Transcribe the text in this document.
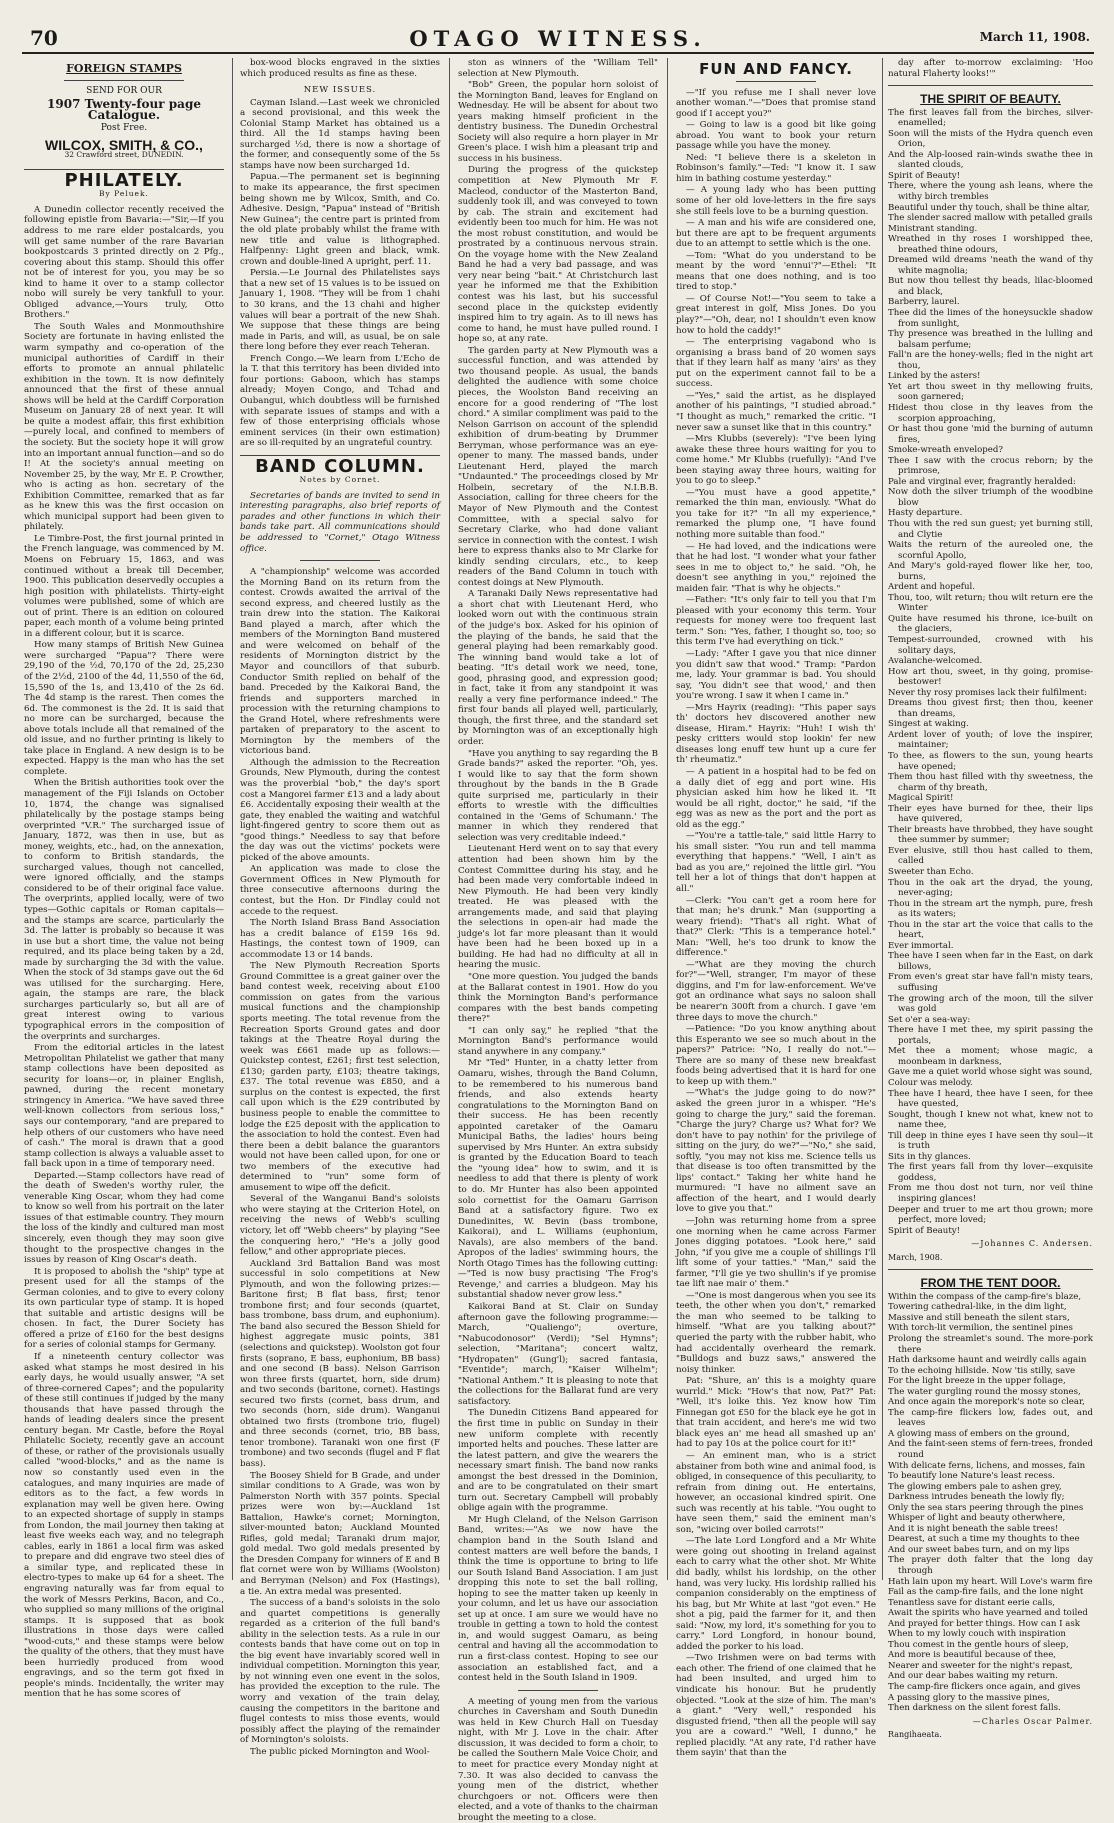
70	OTAGO WITNESS.	March 11, 1908.
FOREIGN STAMPS
SEND FOR OUR
1907 Twenty-four page Catalogue.
Post Free.
WILCOX, SMITH, & CO.,
32 Crawford street, DUNEDIN.
PHILATELY.
By Peluek.

A Dunedin collector recently received the following epistle from Bavaria:—"Sir,—If you address to me rare elder postalcards, you will get same number of the rare Bavarian bookpostcards 3 printed directly on 2 Pfg., covering about this stamp. Should this offer not be of interest for you, you may be so kind to hame it over to a stamp collector nobo will surely be very tankfull to your. Obliged advance,—Yours truly, Otto Brothers."

The South Wales and Monmouthshire Society are fortunate in having enlisted the warm sympathy and co-operation of the municipal authorities of Cardiff in their efforts to promote an annual philatelic exhibition in the town. It is now definitely announced that the first of these annual shows will be held at the Cardiff Corporation Museum on January 28 of next year. It will be quite a modest affair, this first exhibition—purely local, and confined to members of the society. But the society hope it will grow into an important annual function—and so do I! At the society's annual meeting on November 25, by the way, Mr E. P. Crowther, who is acting as hon. secretary of the Exhibition Committee, remarked that as far as he knew this was the first occasion on which municipal support had been given to philately.

Le Timbre-Post, the first journal printed in the French language, was commenced by M. Moens on February 15, 1863, and was continued without a break till December, 1900. This publication deservedly occupies a high position with philatelists. Thirty-eight volumes were published, some of which are out of print. There is an edition on coloured paper, each month of a volume being printed in a different colour, but it is scarce.

How many stamps of British New Guinea were surcharged "Papua"? There were 29,190 of the ½d, 70,170 of the 2d, 25,230 of the 2½d, 2100 of the 4d, 11,550 of the 6d, 15,590 of the 1s, and 13,410 of the 2s 6d. The 4d stamp is the rarest. Then comes the 6d. The commonest is the 2d. It is said that no more can be surcharged, because the above totals include all that remained of the old issue, and no further printing is likely to take place in England. A new design is to be expected. Happy is the man who has the set complete.

When the British authorities took over the management of the Fiji Islands on October 10, 1874, the change was signalised philatelically by the postage stamps being overprinted "V.R." The surcharged issue of January, 1872, was then in use, but as money, weights, etc., had, on the annexation, to conform to British standards, the surcharged values, though not cancelled, were ignored officially, and the stamps considered to be of their original face value. The overprints, applied locally, were of two types—Gothic capitals or Roman capitals—and the stamps are scarce, particularly the 3d. The latter is probably so because it was in use but a short time, the value not being required, and its place being taken by a 2d, made by surcharging the 3d with the value. When the stock of 3d stamps gave out the 6d was utilised for the surcharging. Here, again, the stamps are rare, the black surcharges particularly so, but all are of great interest owing to various typographical errors in the composition of the overprints and surcharges.

From the editorial articles in the latest Metropolitan Philatelist we gather that many stamp collections have been deposited as security for loans—or, in plainer English, pawned, during the recent monetary stringency in America. "We have saved three well-known collectors from serious loss," says our contemporary, "and are prepared to help others of our customers who have need of cash." The moral is drawn that a good stamp collection is always a valuable asset to fall back upon in a time of temporary need.

Departed.—Stamp collectors have read of the death of Sweden's worthy ruler, the venerable King Oscar, whom they had come to know so well from his portrait on the later issues of that estimable country. They mourn the loss of the kindly and cultured man most sincerely, even though they may soon give thought to the prospective changes in the issues by reason of King Oscar's death.

It is proposed to abolish the "ship" type at present used for all the stamps of the German colonies, and to give to every colony its own particular type of stamp. It is hoped that suitable and artistic designs will be chosen. In fact, the Durer Society has offered a prize of £160 for the best designs for a series of colonial stamps for Germany.

If a nineteenth century collector was asked what stamps he most desired in his early days, he would usually answer, "A set of three-cornered Capes"; and the popularity of these still continues if judged by the many thousands that have passed through the hands of leading dealers since the present century began. Mr Castle, before the Royal Philatelic Society, recently gave an account of these, or rather of the provisionals usually called "wood-blocks," and as the name is now so constantly used even in the catalogues, and many inquiries are made of editors as to the fact, a few words in explanation may well be given here. Owing to an expected shortage of supply in stamps from London, the mail journey then taking at least five weeks each way, and no telegraph cables, early in 1861 a local firm was asked to prepare and did engrave two steel dies of a similar type, and replicated these in electro-types to make up 64 for a sheet. The engraving naturally was far from equal to the work of Messrs Perkins, Bacon, and Co., who supplied so many millions of the original stamps. It is supposed that as book illustrations in those days were called "wood-cuts," and these stamps were below the quality of the others, that they must have been hurriedly produced from wood engravings, and so the term got fixed in people's minds. Incidentally, the writer may mention that he has some scores of

box-wood blocks engraved in the sixties which produced results as fine as these.

NEW ISSUES.

Cayman Island.—Last week we chronicled a second provisional, and this week the Colonial Stamp Market has obtained us a third. All the 1d stamps having been surcharged ½d, there is now a shortage of the former, and consequently some of the 5s stamps have now been surcharged 1d.

Papua.—The permanent set is beginning to make its appearance, the first specimen being shown me by Wilcox, Smith, and Co. Adhesive. Design, "Papua" instead of "British New Guinea"; the centre part is printed from the old plate probably whilst the frame with new title and value is lithographed. Halfpenny: Light green and black, wmk. crown and double-lined A upright, perf. 11.

Persia.—Le Journal des Philatelistes says that a new set of 15 values is to be issued on January 1, 1908. "They will be from 1 chahi to 30 krans, and the 13 chahi and higher values will bear a portrait of the new Shah. We suppose that these things are being made in Paris, and will, as usual, be on sale there long before they ever reach Teheran.

French Congo.—We learn from L'Echo de la T. that this territory has been divided into four portions: Gaboon, which has stamps already; Moyen Congo, and Tchad and Oubangui, which doubtless will be furnished with separate issues of stamps and with a few of those enterprising officials whose eminent services (in their own estimation) are so ill-requited by an ungrateful country.

BAND COLUMN.
Notes by Cornet.

Secretaries of bands are invited to send in interesting paragraphs, also brief reports of parades and other functions in which their bands take part. All communications should be addressed to "Cornet," Otago Witness office.

A "championship" welcome was accorded the Morning Band on its return from the contest. Crowds awaited the arrival of the second express, and cheered lustily as the train drew into the station. The Kaikorai Band played a march, after which the members of the Mornington Band mustered and were welcomed on behalf of the residents of Mornington district by the Mayor and councillors of that suburb. Conductor Smith replied on behalf of the band. Preceded by the Kaikorai Band, the friends and supporters marched in procession with the returning champions to the Grand Hotel, where refreshments were partaken of preparatory to the ascent to Mornington by the members of the victorious band.

Although the admission to the Recreation Grounds, New Plymouth, during the contest was the proverbial "bob," the day's sport cost a Mangorei farmer £13 and a lady about £6. Accidentally exposing their wealth at the gate, they enabled the waiting and watchful light-fingered gentry to score them out as "good things." Needless to say that before the day was out the victims' pockets were picked of the above amounts.

An application was made to close the Government Offices in New Plymouth for three consecutive afternoons during the contest, but the Hon. Dr Findlay could not accede to the request.

The North Island Brass Band Association has a credit balance of £159 16s 9d. Hastings, the contest town of 1909, can accommodate 13 or 14 bands.

The New Plymouth Recreation Sports Ground Committee is a great gainer over the band contest week, receiving about £100 commission on gates from the various musical functions and the championship sports meeting. The total revenue from the Recreation Sports Ground gates and door takings at the Theatre Royal during the week was £661 made up as follows:—Quickstep contest, £261; first test selection, £130; garden party, £103; theatre takings, £37. The total revenue was £850, and a surplus on the contest is expected, the first call upon which is the £29 contributed by business people to enable the committee to lodge the £25 deposit with the application to the association to hold the contest. Even had there been a debit balance the guarantors would not have been called upon, for one or two members of the executive had determined to "run" some form of amusement to wipe off the deficit.

Several of the Wanganui Band's soloists who were staying at the Criterion Hotel, on receiving the news of Webb's sculling victory, let off "Webb cheers" by playing "See the conquering hero," "He's a jolly good fellow," and other appropriate pieces.

Auckland 3rd Battalion Band was most successful in solo competitions at New Plymouth, and won the following prizes:—Baritone first; B flat bass, first; tenor trombone first; and four seconds (quartet, bass trombone, bass drum, and euphonium). The band also secured the Besson Shield for highest aggregate music points, 381 (selections and quickstep). Woolston got four firsts (soprano, E bass, euphonium, BB bass) and one second (B bass). Nelson Garrison won three firsts (quartet, horn, side drum) and two seconds (baritone, cornet). Hastings secured two firsts (cornet, bass drum, and two seconds (horn, side drum). Wanganui obtained two firsts (trombone trio, flugel) and three seconds (cornet, trio, BB bass, tenor trombone). Taranaki won one first (F trombone) and two seconds (flugel and F flat bass).

The Boosey Shield for B Grade, and under similar conditions to A Grade, was won by Palmerston North with 357 points. Special prizes were won by:—Auckland 1st Battalion, Hawke's cornet; Mornington, silver-mounted baton; Auckland Mounted Rifles, gold medal; Taranaki drum major, gold medal. Two gold medals presented by the Dresden Company for winners of E and B flat cornet were won by Williams (Woolston) and Berryman (Nelson) and Fox (Hastings), a tie. An extra medal was presented.

The success of a band's soloists in the solo and quartet competitions is generally regarded as a criterion of the full band's ability in the selection tests. As a rule in our contests bands that have come out on top in the big event have invariably scored well in individual competition. Mornington this year, by not winning even one event in the solos, has provided the exception to the rule. The worry and vexation of the train delay, causing the competitors in the baritone and flugel contests to miss those events, would possibly affect the playing of the remainder of Mornington's soloists.

The public picked Mornington and Wool-

ston as winners of the "William Tell" selection at New Plymouth.

"Bob" Green, the popular horn soloist of the Mornington Band, leaves for England on Wednesday. He will be absent for about two years making himself proficient in the dentistry business. The Dunedin Orchestral Society will also require a horn player in Mr Green's place. I wish him a pleasant trip and success in his business.

During the progress of the quickstep competition at New Plymouth Mr F. Macleod, conductor of the Masterton Band, suddenly took ill, and was conveyed to town by cab. The strain and excitement had evidently been too much for him. He was not the most robust constitution, and would be prostrated by a continuous nervous strain. On the voyage home with the New Zealand Band he had a very bad passage, and was very near being "bait." At Christchurch last year he informed me that the Exhibition contest was his last, but his successful second place in the quickstep evidently inspired him to try again. As to ill news has come to hand, he must have pulled round. I hope so, at any rate.

The garden party at New Plymouth was a successful function, and was attended by two thousand people. As usual, the bands delighted the audience with some choice pieces, the Woolston Band receiving an encore for a good rendering of "The lost chord." A similar compliment was paid to the Nelson Garrison on account of the splendid exhibition of drum-beating by Drummer Berryman, whose performance was an eye-opener to many. The massed bands, under Lieutenant Herd, played the march "Undaunted." The proceedings closed by Mr Holbein, secretary of the N.I.B.B. Association, calling for three cheers for the Mayor of New Plymouth and the Contest Committee, with a special salvo for Secretary Clarke, who had done valiant service in connection with the contest. I wish here to express thanks also to Mr Clarke for kindly sending circulars, etc., to keep readers of the Band Column in touch with contest doings at New Plymouth.

A Taranaki Daily News representative had a short chat with Lieutenant Herd, who looked worn out with the continuous strain of the judge's box. Asked for his opinion of the playing of the bands, he said that the general playing had been remarkably good. The winning band would take a lot of beating. "It's detail work we need, tone, good, phrasing good, and expression good; in fact, take it from any standpoint it was really a very fine performance indeed." The first four bands all played well, particularly, though, the first three, and the standard set by Mornington was of an exceptionally high order.

"Have you anything to say regarding the B Grade bands?" asked the reporter. "Oh, yes. I would like to say that the form shown throughout by the bands in the B Grade quite surprised me, particularly in their efforts to wrestle with the difficulties contained in the 'Gems of Schumann.' The manner in which they rendered that selection was very creditable indeed."

Lieutenant Herd went on to say that every attention had been shown him by the Contest Committee during his stay, and he had been made very comfortable indeed in New Plymouth. He had been very kindly treated. He was pleased with the arrangements made, and said that playing the selections in open-air had made the judge's lot far more pleasant than it would have been had he been boxed up in a building. He had had no difficulty at all in hearing the music.

"One more question. You judged the bands at the Ballarat contest in 1901. How do you think the Mornington Band's performance compares with the best bands competing there?"

"I can only say," he replied "that the Mornington Band's performance would stand anywhere in any company."

Mr "Ted" Hunter, in a chatty letter from Oamaru, wishes, through the Band Column, to be remembered to his numerous band friends, and also extends hearty congratulations to the Mornington Band on their success. He has been recently appointed caretaker of the Oamaru Municipal Baths, the ladies' hours being supervised by Mrs Hunter. An extra subsidy is granted by the Education Board to teach the "young idea" how to swim, and it is needless to add that there is plenty of work to do. Mr Hunter has also been appointed solo cornettist for the Oamaru Garrison Band at a satisfactory figure. Two ex Dunedinites, W. Bevin (bass trombone, Kaikorai), and L. Williams (euphonium, Navals), are also members of the band. Apropos of the ladies' swimming hours, the North Otago Times has the following cutting:—"Ted is now busy practising 'The Frog's Revenge,' and carries a bludgeon. May his substantial shadow never grow less."

Kaikorai Band at St. Clair on Sunday afternoon gave the following programme:—March, "Qualiengo"; overture, "Nabucodonosor" (Verdi); "Sel Hymns"; selection, "Maritana"; concert waltz, "Hydropaten" (Gung'l); sacred fantasia, "Eventide"; march, "Kaiser Wilhelm"; "National Anthem." It is pleasing to note that the collections for the Ballarat fund are very satisfactory.

The Dunedin Citizens Band appeared for the first time in public on Sunday in their new uniform complete with recently imported helts and pouches. These latter are the latest pattern, and give the wearers the necessary smart finish. The band now ranks amongst the best dressed in the Dominion, and are to be congratulated on their smart turn out. Secretary Campbell will probably oblige again with the programme.

Mr Hugh Cleland, of the Nelson Garrison Band, writes:—"As we now have the champion band in the South Island and contest matters are well before the bands, I think the time is opportune to bring to life our South Island Band Association. I am just dropping this note to set the ball rolling, hoping to see the matter taken up keenly in your column, and let us have our association set up at once. I am sure we would have no trouble in getting a town to hold the contest in, and would suggest Oamaru, as being central and having all the accommodation to run a first-class contest. Hoping to see our association an established fact, and a contest held in the South Island in 1909.

A meeting of young men from the various churches in Caversham and South Dunedin was held in Kew Church Hall on Tuesday night, with Mr J. Love in the chair. After discussion, it was decided to form a choir, to be called the Southern Male Voice Choir, and to meet for practice every Monday night at 7.30. It was also decided to canvass the young men of the district, whether churchgoers or not. Officers were then elected, and a vote of thanks to the chairman brought the meeting to a close.

FUN AND FANCY.

—"If you refuse me I shall never love another woman."—"Does that promise stand good if I accept you?"

— Going to law is a good bit like going abroad. You want to book your return passage while you have the money.

Ned: "I believe there is a skeleton in Robinson's family."—Ted: "I know it. I saw him in bathing costume yesterday."

— A young lady who has been putting some of her old love-letters in the fire says she still feels love to be a burning question.

— A man and his wife are considered one, but there are apt to be frequent arguments due to an attempt to settle which is the one.

—Tom: "What do you understand to be meant by the word 'ennui'?"—Ethel: "It means that one does nothing, and is too tired to stop."

— Of Course Not!—"You seem to take a great interest in golf, Miss Jones. Do you play?"—"Oh, dear, no! I shouldn't even know how to hold the caddy!"

— The enterprising vagabond who is organising a brass band of 20 women says that if they learn half as many 'airs' as they put on the experiment cannot fail to be a success.

—"Yes," said the artist, as he displayed another of his paintings, "I studied abroad." "I thought as much," remarked the critic. "I never saw a sunset like that in this country."

—Mrs Klubbs (severely): "I've been lying awake these three hours waiting for you to come home." Mr Klubbs (ruefully): "And I've been staying away three hours, waiting for you to go to sleep."

—"You must have a good appetite," remarked the thin man, enviously. "What do you take for it?" "In all my experience," remarked the plump one, "I have found nothing more suitable than food."

— He had loved, and the indications were that he had lost. "I wonder what your father sees in me to object to," he said. "Oh, he doesn't see anything in you," rejoined the maiden fair. "That is why he objects."

—Father: "It's only fair to tell you that I'm pleased with your economy this term. Your requests for money were too frequent last term." Son: "Yes, father, I thought so, too; so this term I've had everything on tick."

—Lady: "After I gave you that nice dinner you didn't saw that wood." Tramp: "Pardon me, lady. Your grammar is bad. You should say, 'You didn't see that wood,' and then you're wrong. I saw it when I came in."

—Mrs Hayrix (reading): "This paper says th' doctors hev discovered another new disease, Hiram." Hayrix: "Huh! I wish th' pesky critters would stop lookin' fer new diseases long enuff tew hunt up a cure fer th' rheumatiz."

— A patient in a hospital had to be fed on a daily diet of egg and port wine. His physician asked him how he liked it. "It would be all right, doctor," he said, "if the egg was as new as the port and the port as old as the egg."

—"You're a tattle-tale," said little Harry to his small sister. "You run and tell mamma everything that happens." "Well, I ain't as bad as you are," rejoined the little girl. "You tell her a lot of things that don't happen at all."

—Clerk: "You can't get a room here for that man; he's drunk." Man (supporting a weary friend): "That's all right. What of that?" Clerk: "This is a temperance hotel." Man: "Well, he's too drunk to know the difference."

—"What are they moving the church for?"—"Well, stranger, I'm mayor of these diggins, and I'm for law-enforcement. We've got an ordinance what says no saloon shall be nearer'n 300ft from a church. I gave 'em three days to move the church."

—Patience: "Do you know anything about this Esperanto we see so much about in the papers?" Patrice: "No, I really do not."— There are so many of these new breakfast foods being advertised that it is hard for one to keep up with them."

—"What's the judge going to do now?" asked the green juror in a whisper. "He's going to charge the jury," said the foreman. "Charge the jury? Charge us? What for? We don't have to pay nothin' for the privilege of sitting on the jury, do we?"—"No," she said, softly, "you may not kiss me. Science tells us that disease is too often transmitted by the lips' contact." Taking her white hand he murmured: "I have no ailment save an affection of the heart, and I would dearly love to give you that."

—John was returning home from a spree one morning when he came across Farmer Jones digging potatoes. "Look here," said John, "if you give me a couple of shillings I'll lift some of your tatties." "Man," said the farmer, "I'll gie ye two shullin's if ye promise tae lift nae mair o' them."

—"One is most dangerous when you see its teeth, the other when you don't," remarked the man who seemed to be talking to himself. "What are you talking about?" queried the party with the rubber habit, who had accidentally overheard the remark. "Bulldogs and buzz saws," answered the noisy thinker.

Pat: "Shure, an' this is a moighty quare wurrld." Mick: "How's that now, Pat?" Pat: "Well, it's loike this. Yez know how Tim Finnegan got £50 for the black eye he got in that train accident, and here's me wid two black eyes an' me head all smashed up an' had to pay 10s at the police court for it!"

— An eminent man, who is a strict abstainer from both wine and animal food, is obliged, in consequence of this peculiarity, to refrain from dining out. He entertains, however, an occasional kindred spirit. One such was recently at his table. "You ought to have seen them," said the eminent man's son, "wicing over boiled carrots!"

—The late Lord Longford and a Mr White were going out shooting in Ireland against each to carry what the other shot. Mr White did badly, whilst his lordship, on the other hand, was very lucky. His lordship rallied his companion considerably on the emptiness of his bag, but Mr White at last "got even." He shot a pig, paid the farmer for it, and then said: "Now, my lord, it's something for you to carry." Lord Longford, in honour bound, added the porker to his load.

—Two Irishmen were on bad terms with each other. The friend of one claimed that he had been insulted, and urged him to vindicate his honour. But he prudently objected. "Look at the size of him. The man's a giant." "Very well," responded his disgusted friend, "then all the people will say you are a coward." "Well, I dunno," he replied placidly. "At any rate, I'd rather have them sayin' that than the

day after to-morrow exclaiming: 'Hoo natural Flaherty looks!'"

THE SPIRIT OF BEAUTY.
The first leaves fall from the birches, silver-enamelled;
Soon will the mists of the Hydra quench even Orion,
And the Alp-loosed rain-winds swathe thee in slanted clouds,
Spirit of Beauty!
There, where the young ash leans, where the withy birch trembles
Beautiful under thy touch, shall be thine altar,
The slender sacred mallow with petalled grails
Ministrant standing.
Wreathed in thy roses I worshipped thee, breathed thine odours,
Dreamed wild dreams 'neath the wand of thy white magnolia;
But now thou tellest thy beads, lilac-bloomed and black,
Barberry, laurel.
Thee did the limes of the honeysuckle shadow from sunlight,
Thy presence was breathed in the lulling and balsam perfume;
Fall'n are the honey-wells; fled in the night art thou,
Linked by the asters!
Yet art thou sweet in thy mellowing fruits, soon garnered;
Hidest thou close in thy leaves from the scorpion approaching,
Or hast thou gone 'mid the burning of autumn fires,
Smoke-wreath enveloped?
Thee I saw with the crocus reborn; by the primrose,
Pale and virginal ever, fragrantly heralded:
Now doth the silver triumph of the woodbine blow
Hasty departure.
Thou with the red sun guest; yet burning still, and Clytie
Waits the return of the aureoled one, the scornful Apollo,
And Mary's gold-rayed flower like her, too, burns,
Ardent and hopeful.
Thou, too, wilt return; thou wilt return ere the Winter
Quite have resumed his throne, ice-built on the glaciers,
Tempest-surrounded, crowned with his solitary days,
Avalanche-welcomed.
How art thou, sweet, in thy going, promise-bestower!
Never thy rosy promises lack their fulfilment:
Dreams thou givest first; then thou, keener than dreams,
Singest at waking.
Ardent lover of youth; of love the inspirer, maintainer;
To thee, as flowers to the sun, young hearts have opened;
Them thou hast filled with thy sweetness, the charm of thy breath,
Magical Spirit!
Their eyes have burned for thee, their lips have quivered,
Their breasts have throbbed, they have sought thee summer by summer;
Ever elusive, still thou hast called to them, called
Sweeter than Echo.
Thou in the oak art the dryad, the young, never-aging;
Thou in the stream art the nymph, pure, fresh as its waters;
Thou in the star art the voice that calls to the heart,
Ever immortal.
Thee have I seen when far in the East, on dark billows,
From even's great star have fall'n misty tears, suffusing
The growing arch of the moon, till the silver was gold
Set o'er a sea-way:
There have I met thee, my spirit passing the portals,
Met thee a moment; whose magic, a moonbeam in darkness,
Gave me a quiet world whose sight was sound,
Colour was melody.
Thee have I heard, thee have I seen, for thee have quested,
Sought, though I knew not what, knew not to name thee,
Till deep in thine eyes I have seen thy soul—it is truth
Sits in thy glances.
The first years fall from thy lover—exquisite goddess,
From me thou dost not turn, nor veil thine inspiring glances!
Deeper and truer to me art thou grown; more perfect, more loved;
Spirit of Beauty!
—Johannes C. Andersen.
March, 1908.
FROM THE TENT DOOR.
Within the compass of the camp-fire's blaze,
Towering cathedral-like, in the dim light,
Massive and still beneath the silent stars,
With torch-lit vermilion, the sentinel pines
Prolong the streamlet's sound. The more-pork there
Hath darksome haunt and weirdly calls again
To the echoing hillside. Now 'tis stilly, save
For the light breeze in the upper foliage,
The water gurgling round the mossy stones,
And once again the morepork's note so clear,
The camp-fire flickers low, fades out, and leaves
A glowing mass of embers on the ground,
And the faint-seen stems of fern-trees, fronded round
With delicate ferns, lichens, and mosses, fain
To beautify lone Nature's least recess.
The glowing embers pale to ashen grey,
Darkness intrudes beneath the lowly fly;
Only the sea stars peering through the pines
Whisper of light and beauty otherwhere,
And it is night beneath the sable trees!
Dearest, at such a time my thoughts to thee
And our sweet babes turn, and on my lips
The prayer doth falter that the long day through
Hath lain upon my heart. Will Love's warm fire
Fail as the camp-fire fails, and the lone night
Tenantless save for distant eerie calls,
Await the spirits who have yearned and toiled
And prayed for better things. How can I ask
When to my lowly couch with inspiration
Thou comest in the gentle hours of sleep,
And more is beautiful because of thee,
Nearer and sweeter for the night's repast,
And our dear babes waiting my return.
The camp-fire flickers once again, and gives
A passing glory to the massive pines,
Then darkness on the silent forest falls.
—Charles Oscar Palmer.
Rangihaeata.
